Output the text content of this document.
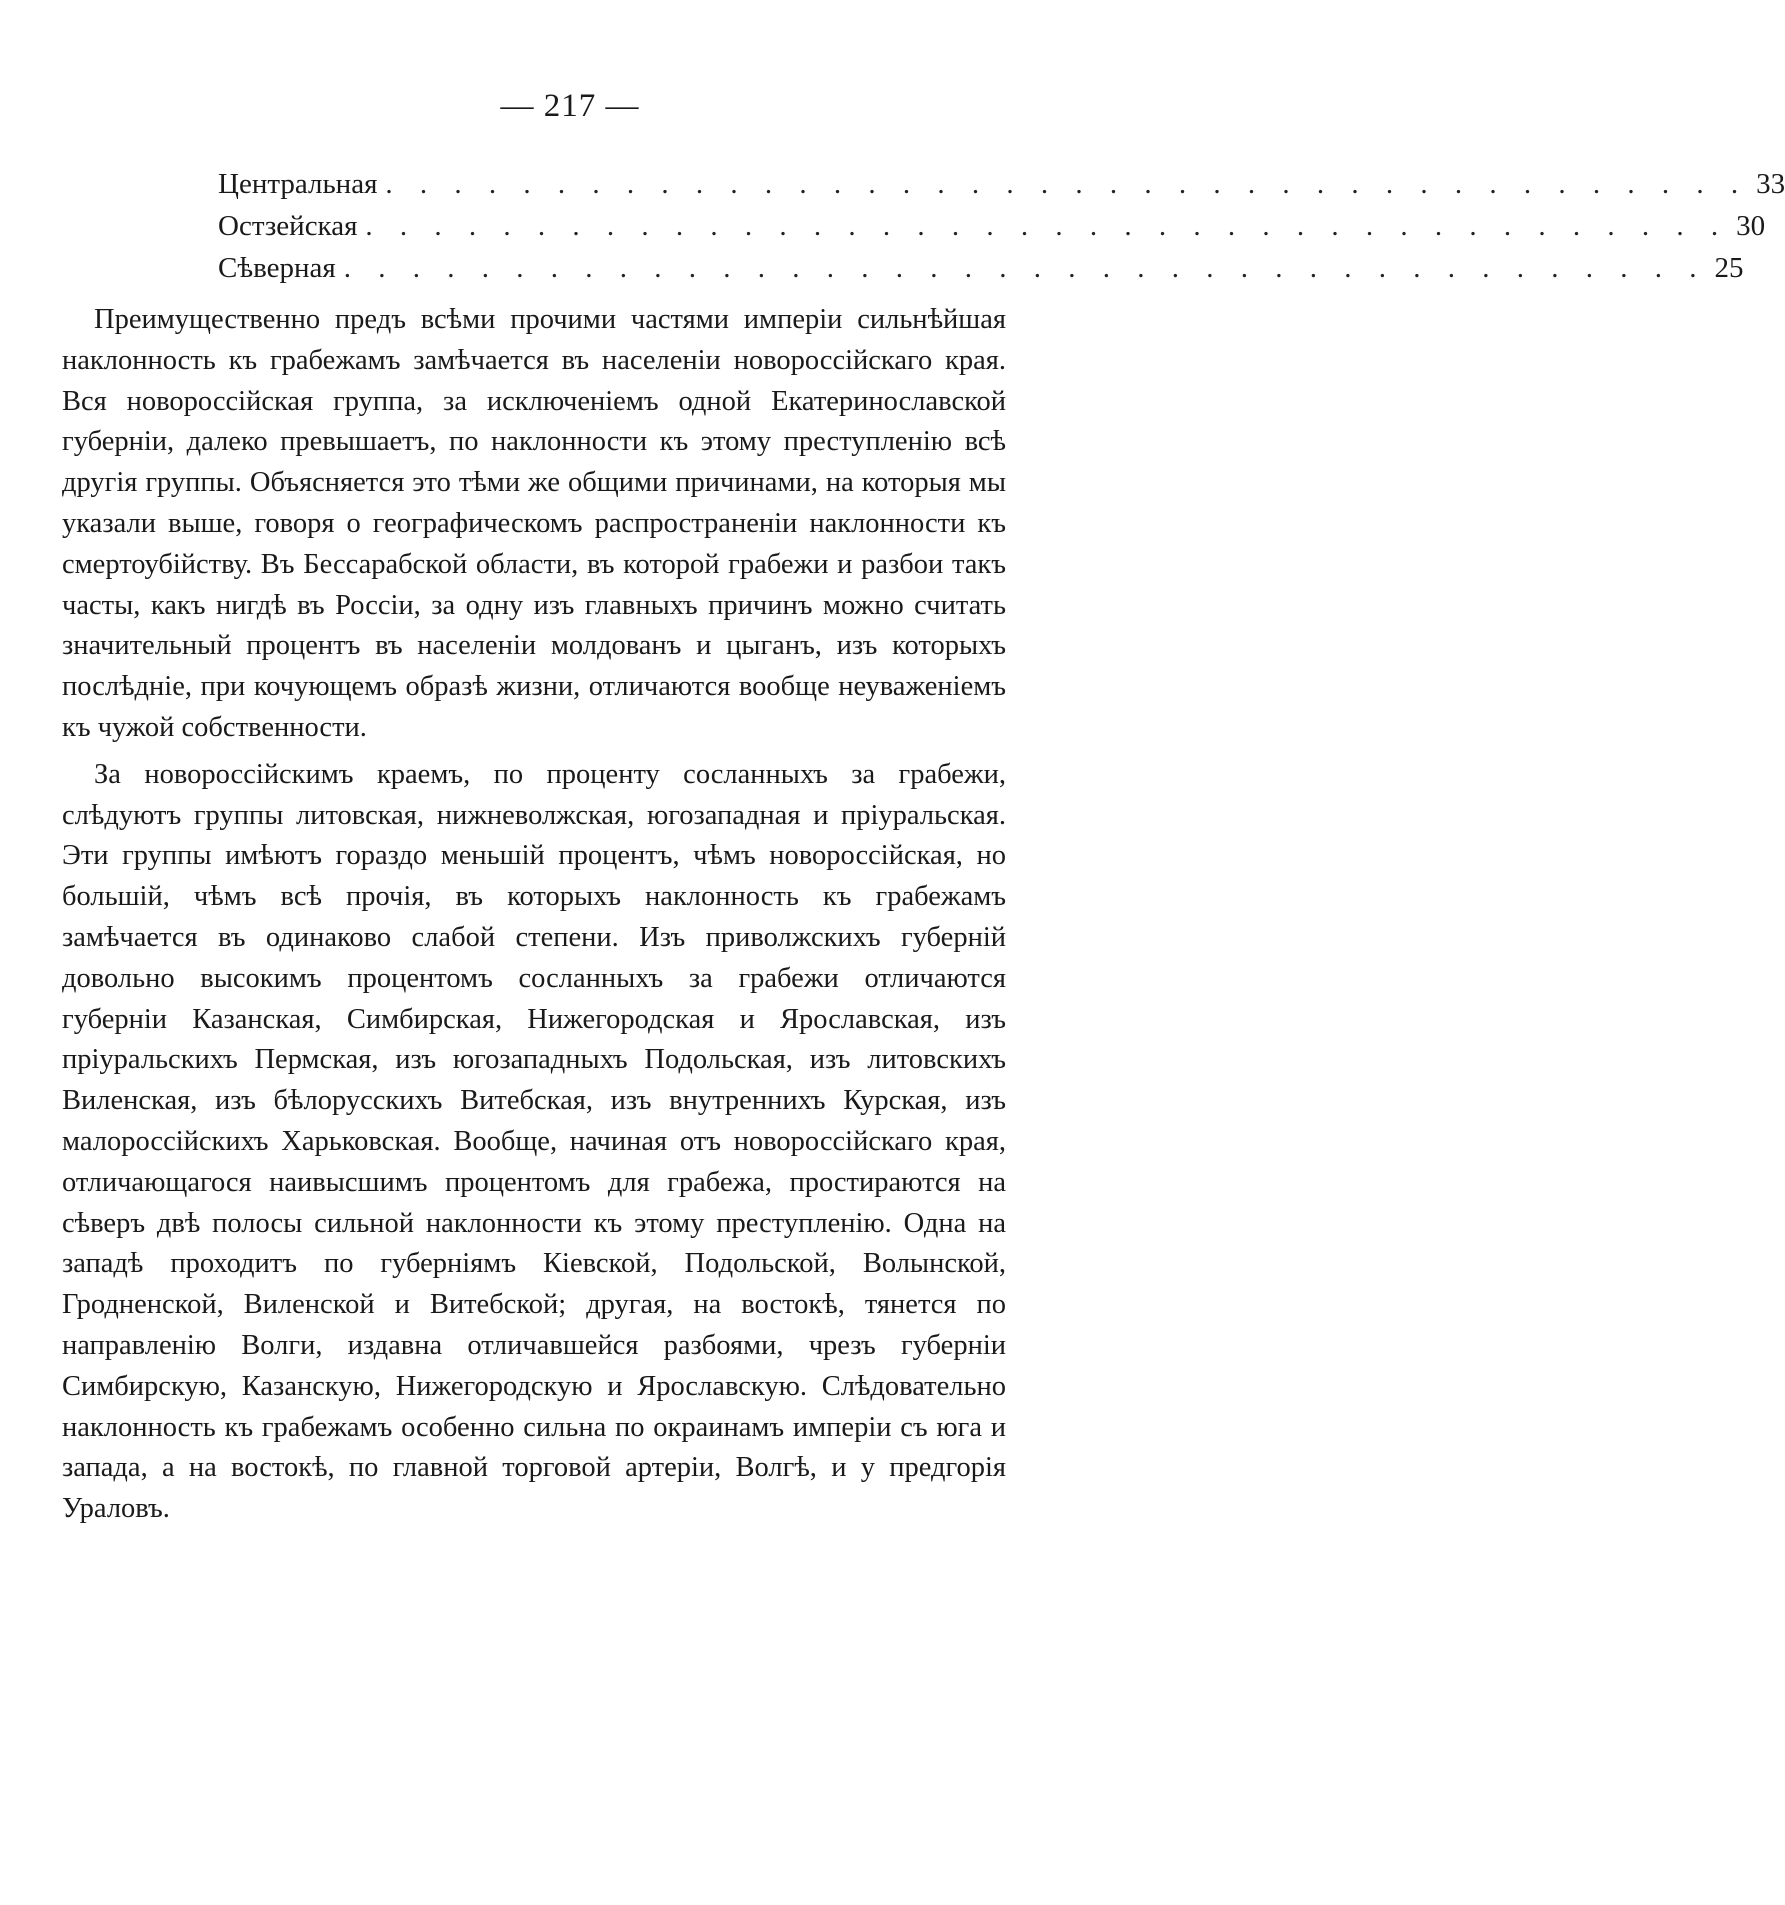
— 217 —
Центральная . . . . . . . . . . . . . . . . . . . . . . . . . . . . . . . . . . . . . . . . 33
Остзейская . . . . . . . . . . . . . . . . . . . . . . . . . . . . . . . . . . . . . . . . 30
Сѣверная . . . . . . . . . . . . . . . . . . . . . . . . . . . . . . . . . . . . . . . . 25

Преимущественно предъ всѣми прочими частями имперіи сильнѣйшая наклонность къ грабежамъ замѣчается въ населеніи новороссійскаго края. Вся новороссійская группа, за исключеніемъ одной Екатеринославской губерніи, далеко превышаетъ, по наклонности къ этому преступленію всѣ другія группы. Объясняется это тѣми же общими причинами, на которыя мы указали выше, говоря о географическомъ распространеніи наклонности къ смертоубійству. Въ Бессарабской области, въ которой грабежи и разбои такъ часты, какъ нигдѣ въ Россіи, за одну изъ главныхъ причинъ можно считать значительный процентъ въ населеніи молдованъ и цыганъ, изъ которыхъ послѣдніе, при кочующемъ образѣ жизни, отличаются вообще неуваженіемъ къ чужой собственности.

За новороссійскимъ краемъ, по проценту сосланныхъ за грабежи, слѣдуютъ группы литовская, нижневолжская, югозападная и пріуральская. Эти группы имѣютъ гораздо меньшій процентъ, чѣмъ новороссійская, но большій, чѣмъ всѣ прочія, въ которыхъ наклонность къ грабежамъ замѣчается въ одинаково слабой степени. Изъ приволжскихъ губерній довольно высокимъ процентомъ сосланныхъ за грабежи отличаются губерніи Казанская, Симбирская, Нижегородская и Ярославская, изъ пріуральскихъ Пермская, изъ югозападныхъ Подольская, изъ литовскихъ Виленская, изъ бѣлорусскихъ Витебская, изъ внутреннихъ Курская, изъ малороссійскихъ Харьковская. Вообще, начиная отъ новороссійскаго края, отличающагося наивысшимъ процентомъ для грабежа, простираются на сѣверъ двѣ полосы сильной наклонности къ этому преступленію. Одна на западѣ проходитъ по губерніямъ Кіевской, Подольской, Волынской, Гродненской, Виленской и Витебской; другая, на востокѣ, тянется по направленію Волги, издавна отличавшейся разбоями, чрезъ губерніи Симбирскую, Казанскую, Нижегородскую и Ярославскую. Слѣдовательно наклонность къ грабежамъ особенно сильна по окраинамъ имперіи съ юга и запада, а на востокѣ, по главной торговой артеріи, Волгѣ, и у предгорія Ураловъ.
